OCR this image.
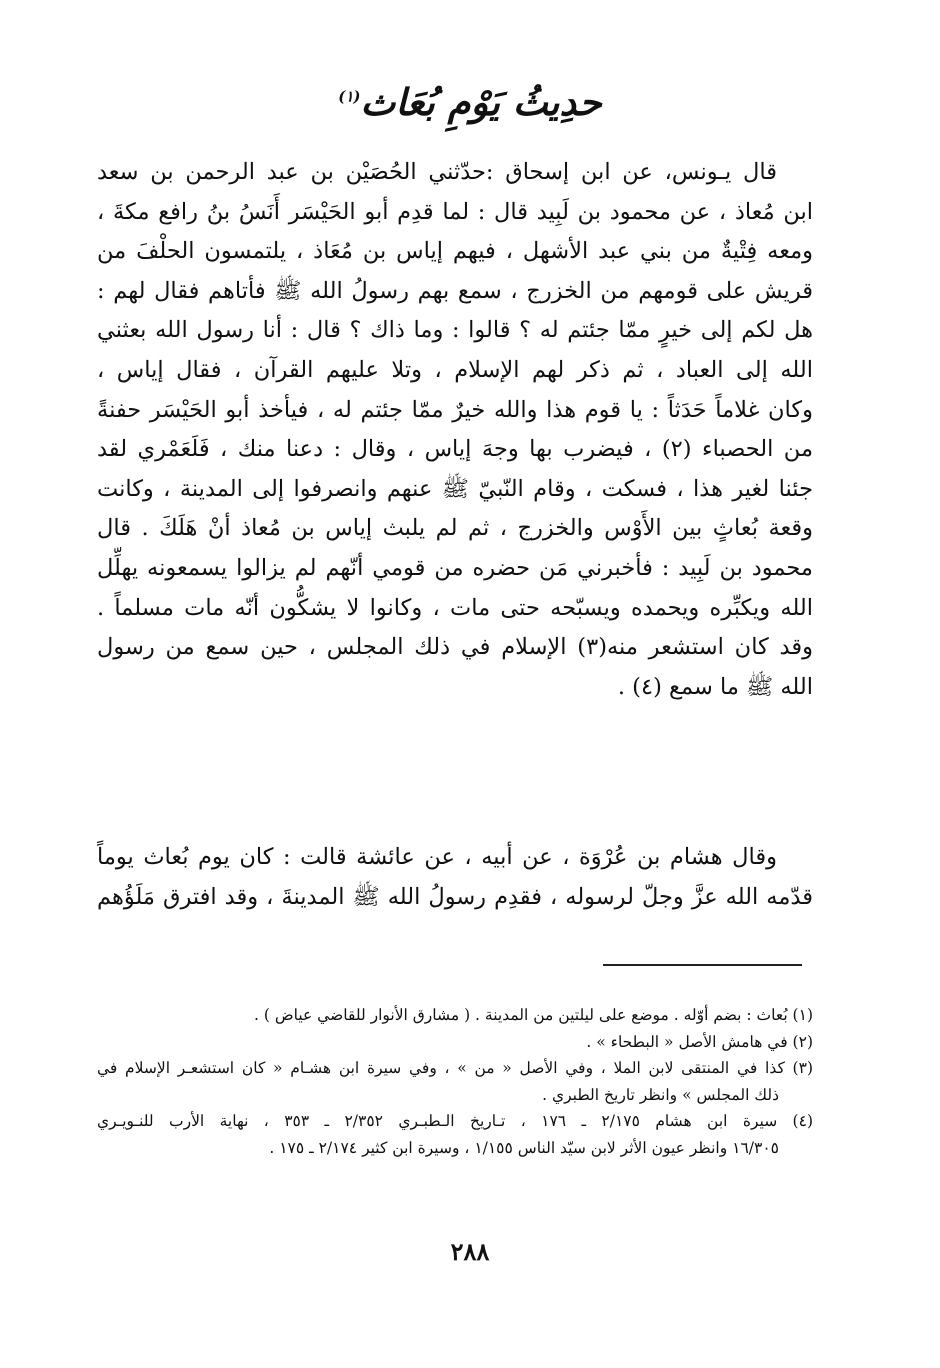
حدِيثُ يَوْمِ بُعَاث$^{(١)}$
قال يـونس، عن ابن إسحاق :حدّثني الحُصَيْن بن عبد الرحمن بن سعد
ابن مُعاذ ، عن محمود بن لَبِيد قال : لما قدِم أبو الحَيْسَر أَنَسُ بنُ رافع مكةَ ،
ومعه فِتْيةٌ من بني عبد الأشهل ، فيهم إياس بن مُعَاذ ، يلتمسون الحلْفَ من
قريش على قومهم من الخزرج ، سمع بهم رسولُ الله ﷺ فأتاهم فقال لهم :
هل لكم إلى خيرٍ ممّا جئتم له ؟ قالوا : وما ذاك ؟ قال : أنا رسول الله بعثني
الله إلى العباد ، ثم ذكر لهم الإسلام ، وتلا عليهم القرآن ، فقال إياس ،
وكان غلاماً حَدَثاً : يا قوم هذا والله خيرٌ ممّا جئتم له ، فيأخذ أبو الحَيْسَر حفنةً
من الحصباء (٢) ، فيضرب بها وجهَ إياس ، وقال : دعنا منك ، فَلَعَمْري لقد
جئنا لغير هذا ، فسكت ، وقام النّبيّ ﷺ عنهم وانصرفوا إلى المدينة ، وكانت
وقعة بُعاثٍ بين الأَوْس والخزرج ، ثم لم يلبث إياس بن مُعاذ أنْ هَلَكَ . قال
محمود بن لَبِيد : فأخبرني مَن حضره من قومي أنّهم لم يزالوا يسمعونه يهلِّل
الله ويكبِّره ويحمده ويسبّحه حتى مات ، وكانوا لا يشكُّون أنّه مات مسلماً .
وقد كان استشعر منه(٣) الإسلام في ذلك المجلس ، حين سمع من رسول
الله ﷺ ما سمع (٤) .
وقال هشام بن عُرْوَة ، عن أبيه ، عن عائشة قالت : كان يوم بُعاث يوماً
قدّمه الله عزَّ وجلّ لرسوله ، فقدِم رسولُ الله ﷺ المدينةَ ، وقد افترق مَلَؤُهم
(١) بُعاث : بضم أوّله . موضع على ليلتين من المدينة . ( مشارق الأنوار للقاضي عياض ) .
(٢) في هامش الأصل « البطحاء » .
(٣) كذا في المنتقى لابن الملا ، وفي الأصل « من » ، وفي سيرة ابن هشـام « كان استشعـر الإسلام في
ذلك المجلس » وانظر تاريخ الطبري .
(٤) سيرة ابن هشام ٢/١٧٥ ـ ١٧٦ ، تـاريخ الـطبـري ٢/٣٥٢ ـ ٣٥٣ ، نهاية الأرب للنـويـري
١٦/٣٠٥ وانظر عيون الأثر لابن سيّد الناس ١/١٥٥ ، وسيرة ابن كثير ٢/١٧٤ ـ ١٧٥ .
٢٨٨
